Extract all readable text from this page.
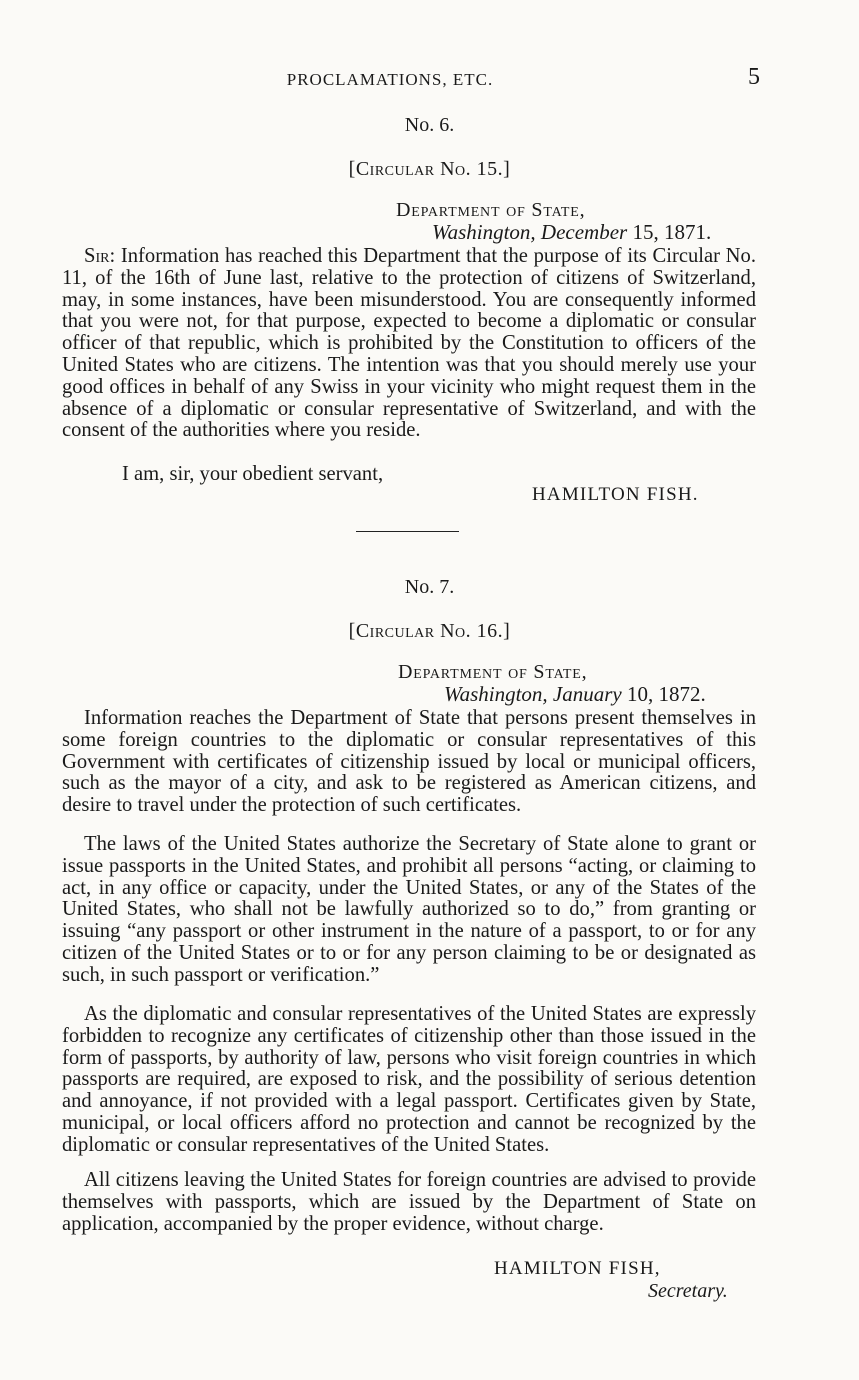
PROCLAMATIONS, ETC.	5
No. 6.
[Circular No. 15.]
Department of State,
Washington, December 15, 1871.

Sir: Information has reached this Department that the purpose of its Circular No. 11, of the 16th of June last, relative to the protection of citizens of Switzerland, may, in some instances, have been misunderstood. You are consequently informed that you were not, for that purpose, expected to become a diplomatic or consular officer of that republic, which is prohibited by the Constitution to officers of the United States who are citizens. The intention was that you should merely use your good offices in behalf of any Swiss in your vicinity who might request them in the absence of a diplomatic or consular representative of Switzerland, and with the consent of the authorities where you reside.

I am, sir, your obedient servant,
HAMILTON FISH.
No. 7.
[Circular No. 16.]
Department of State,
Washington, January 10, 1872.

Information reaches the Department of State that persons present themselves in some foreign countries to the diplomatic or consular representatives of this Government with certificates of citizenship issued by local or municipal officers, such as the mayor of a city, and ask to be registered as American citizens, and desire to travel under the protection of such certificates.

The laws of the United States authorize the Secretary of State alone to grant or issue passports in the United States, and prohibit all persons “acting, or claiming to act, in any office or capacity, under the United States, or any of the States of the United States, who shall not be lawfully authorized so to do,” from granting or issuing “any passport or other instrument in the nature of a passport, to or for any citizen of the United States or to or for any person claiming to be or designated as such, in such passport or verification.”

As the diplomatic and consular representatives of the United States are expressly forbidden to recognize any certificates of citizenship other than those issued in the form of passports, by authority of law, persons who visit foreign countries in which passports are required, are exposed to risk, and the possibility of serious detention and annoyance, if not provided with a legal passport. Certificates given by State, municipal, or local officers afford no protection and cannot be recognized by the diplomatic or consular representatives of the United States.

All citizens leaving the United States for foreign countries are advised to provide themselves with passports, which are issued by the Department of State on application, accompanied by the proper evidence, without charge.

HAMILTON FISH,
Secretary.
